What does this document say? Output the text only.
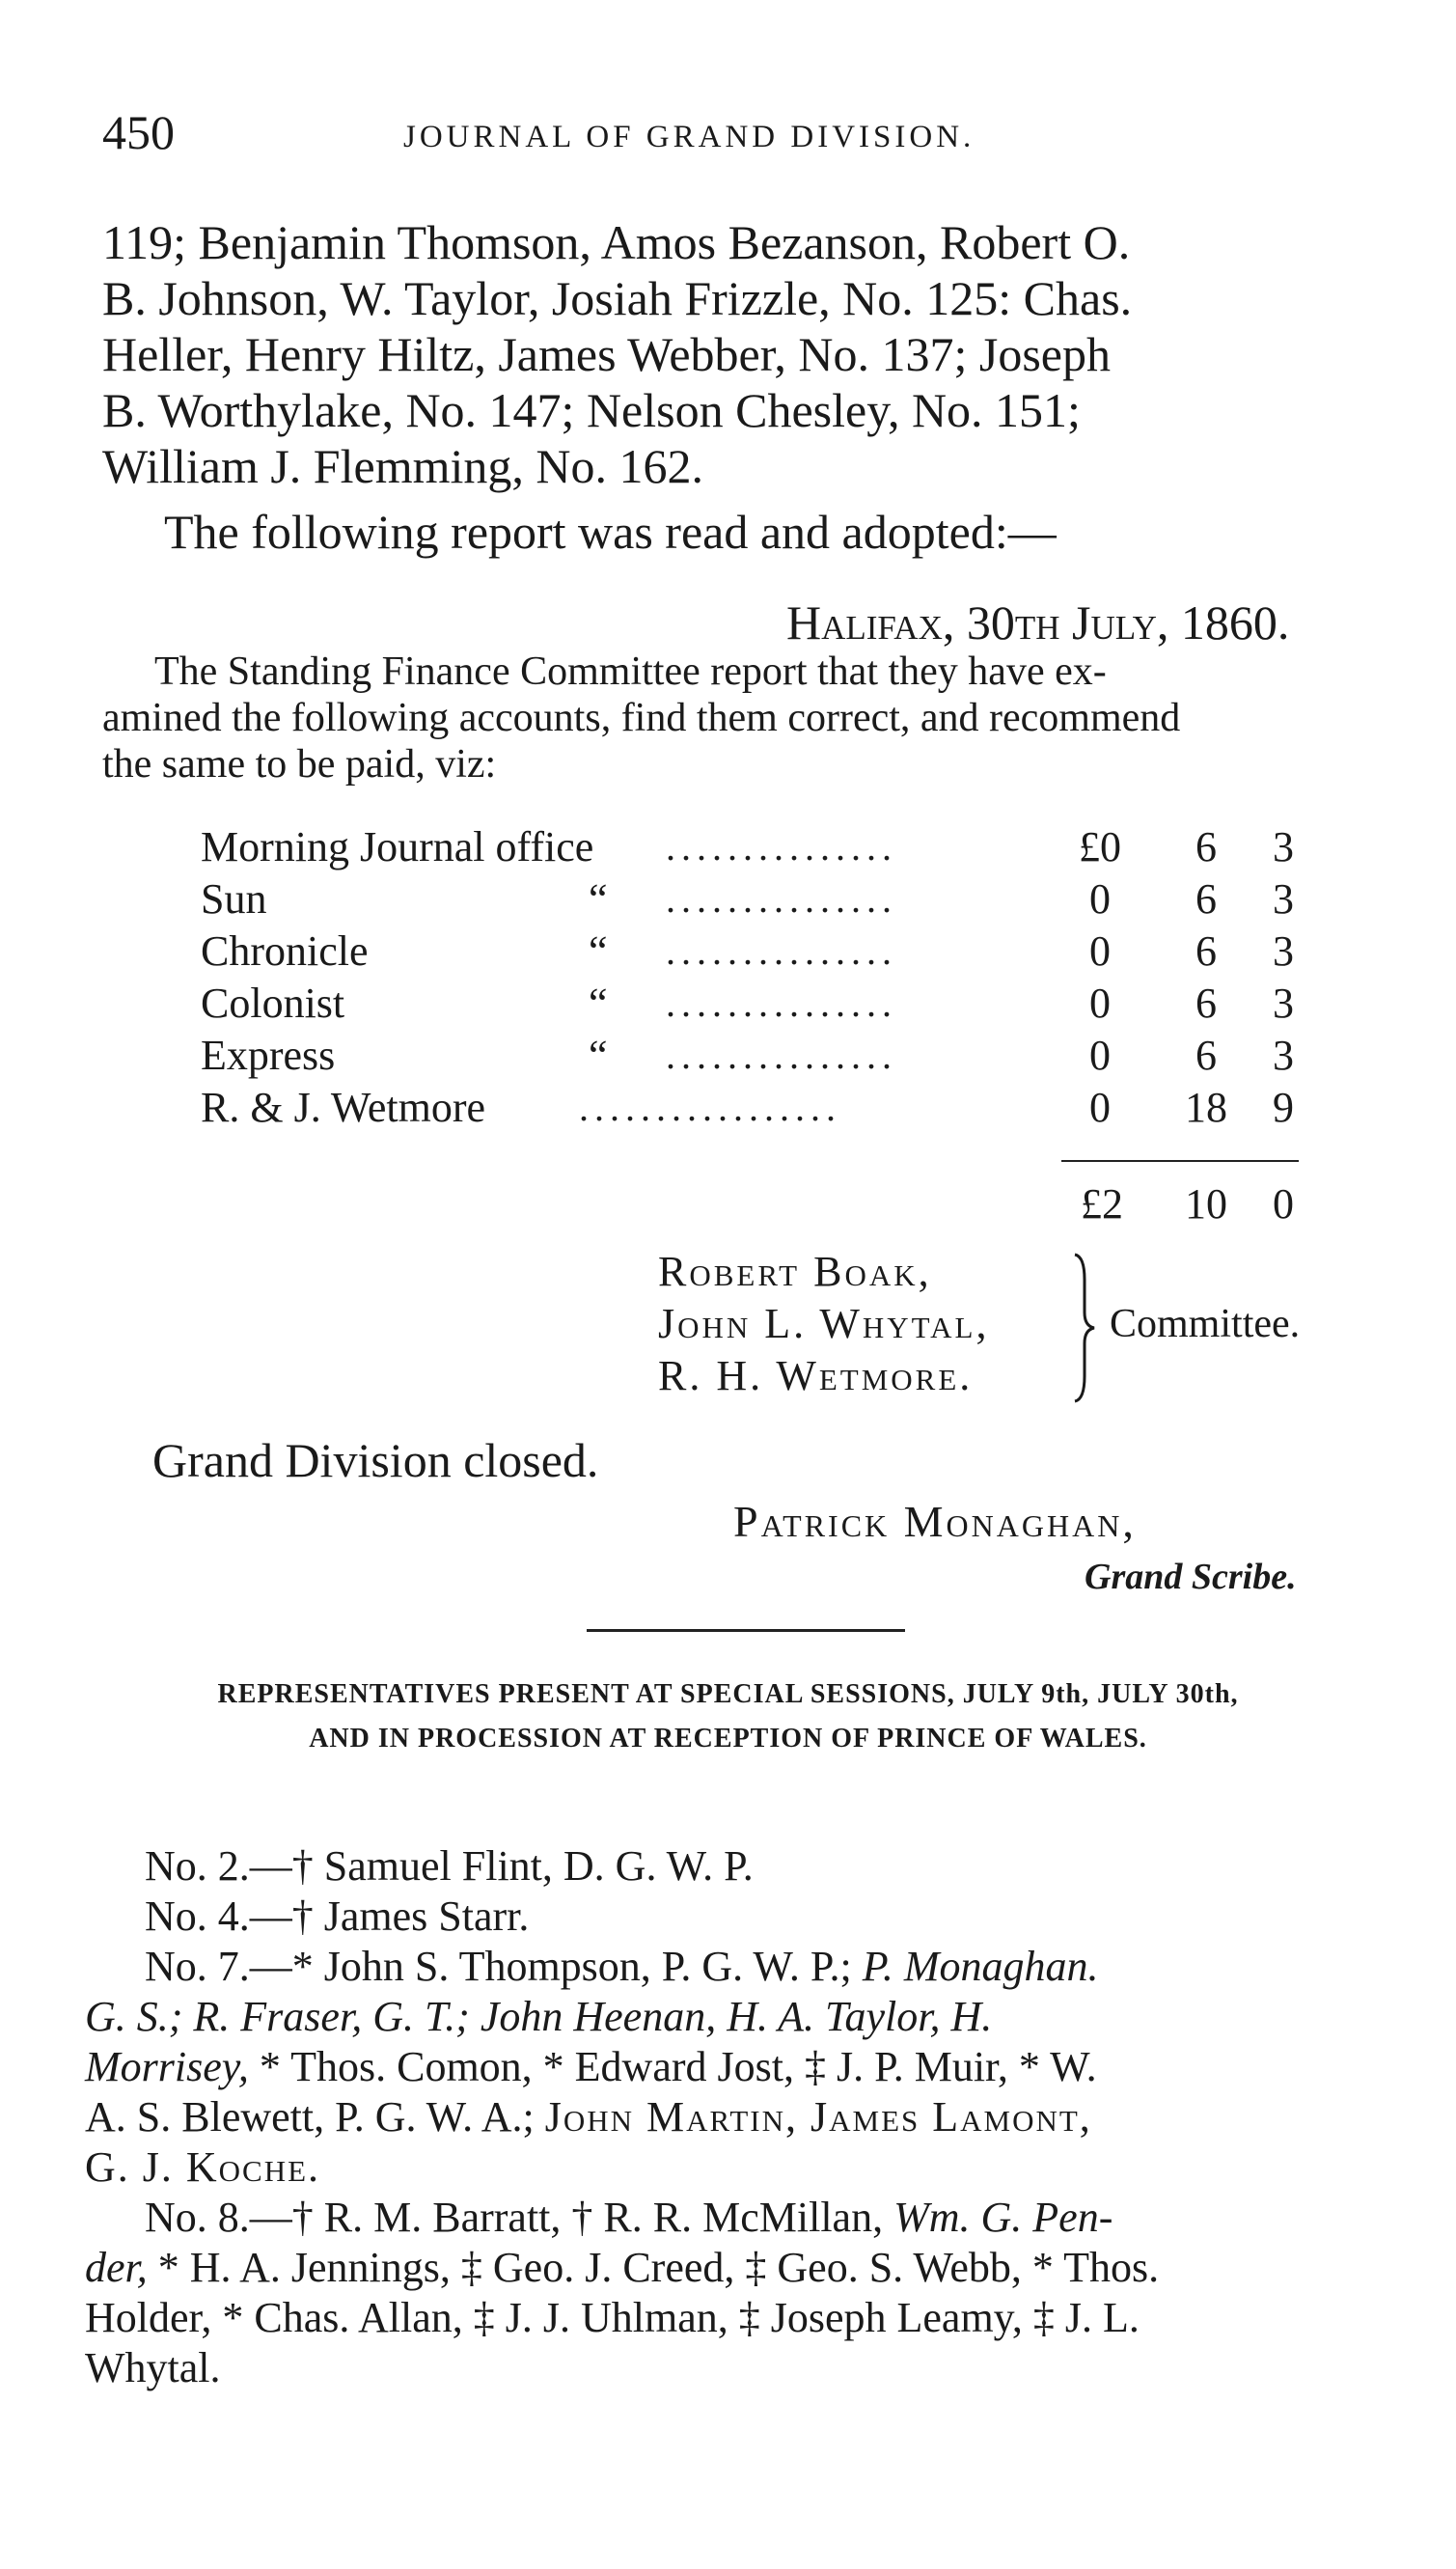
450	JOURNAL OF GRAND DIVISION.
119; Benjamin Thomson, Amos Bezanson, Robert O.
B. Johnson, W. Taylor, Josiah Frizzle, No. 125: Chas.
Heller, Henry Hiltz, James Webber, No. 137; Joseph
B. Worthylake, No. 147; Nelson Chesley, No. 151;
William J. Flemming, No. 162.
The following report was read and adopted:—
Halifax, 30th July, 1860.
The Standing Finance Committee report that they have ex-
amined the following accounts, find them correct, and recommend
the same to be paid, viz:
Morning Journal office ...............	£0	6	3
Sun	“ ...............	0	6	3
Chronicle	“ ...............	0	6	3
Colonist	“ ...............	0	6	3
Express	“ ...............	0	6	3
R. & J. Wetmore .................	0	18	9
£2 10	0
Robert Boak,
John L. Whytal,
R. H. Wetmore.
Committee.
Grand Division closed.
Patrick Monaghan,
Grand Scribe.
REPRESENTATIVES PRESENT AT SPECIAL SESSIONS, JULY 9th, JULY 30th,
AND IN PROCESSION AT RECEPTION OF PRINCE OF WALES.
No. 2.—† Samuel Flint, D. G. W. P.
No. 4.—† James Starr.
No. 7.—* John S. Thompson, P. G. W. P.; P. Monaghan.
G. S.; R. Fraser, G. T.; John Heenan, H. A. Taylor, H.
Morrisey, * Thos. Comon, * Edward Jost, ‡ J. P. Muir, * W.
A. S. Blewett, P. G. W. A.; John Martin, James Lamont,
G. J. Koche.
No. 8.—† R. M. Barratt, † R. R. McMillan, Wm. G. Pen-
der, * H. A. Jennings, ‡ Geo. J. Creed, ‡ Geo. S. Webb, * Thos.
Holder, * Chas. Allan, ‡ J. J. Uhlman, ‡ Joseph Leamy, ‡ J. L.
Whytal.
